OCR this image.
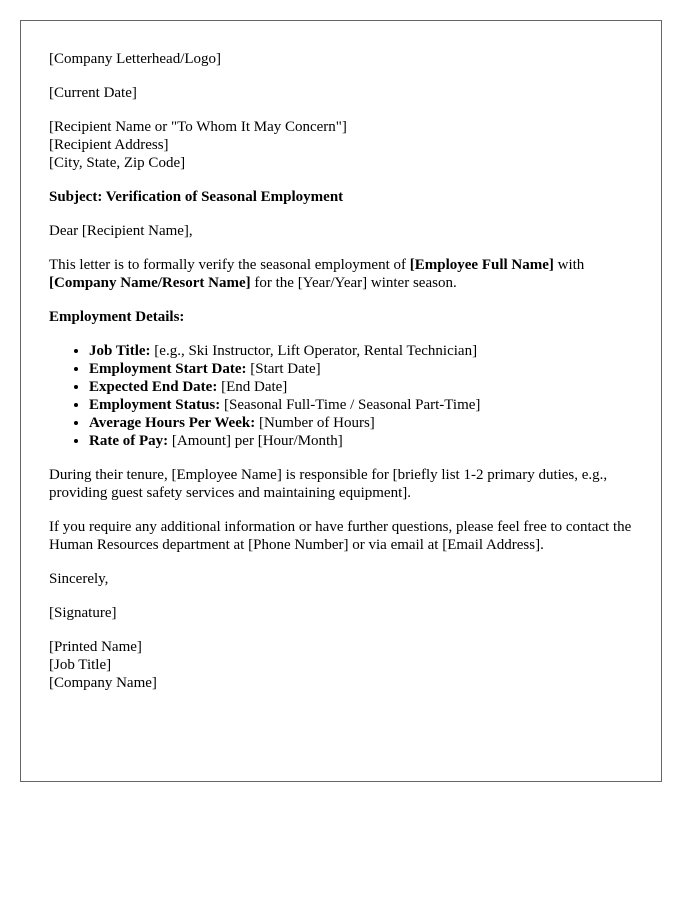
[Company Letterhead/Logo]

[Current Date]

[Recipient Name or "To Whom It May Concern"]
[Recipient Address]
[City, State, Zip Code]

Subject: Verification of Seasonal Employment

Dear [Recipient Name],

This letter is to formally verify the seasonal employment of [Employee Full Name] with [Company Name/Resort Name] for the [Year/Year] winter season.

Employment Details:

• Job Title: [e.g., Ski Instructor, Lift Operator, Rental Technician]
• Employment Start Date: [Start Date]
• Expected End Date: [End Date]
• Employment Status: [Seasonal Full-Time / Seasonal Part-Time]
• Average Hours Per Week: [Number of Hours]
• Rate of Pay: [Amount] per [Hour/Month]

During their tenure, [Employee Name] is responsible for [briefly list 1-2 primary duties, e.g., providing guest safety services and maintaining equipment].

If you require any additional information or have further questions, please feel free to contact the Human Resources department at [Phone Number] or via email at [Email Address].

Sincerely,

[Signature]

[Printed Name]
[Job Title]
[Company Name]
